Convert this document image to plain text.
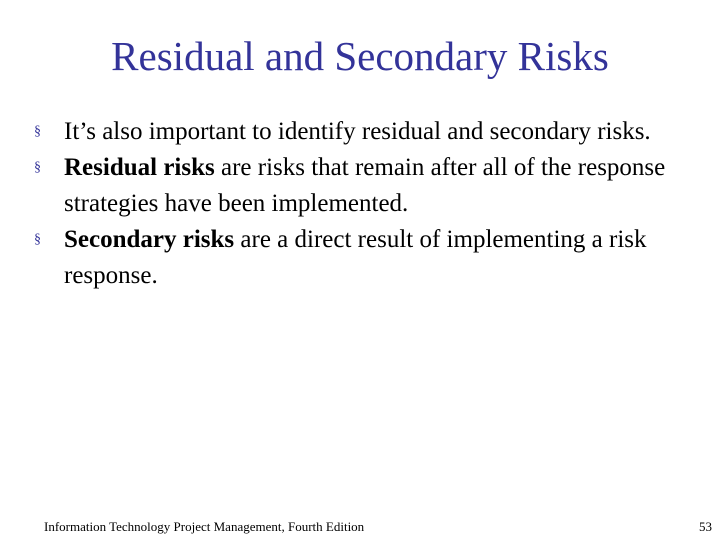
Residual and Secondary Risks
§ It’s also important to identify residual and secondary risks.
§ Residual risks are risks that remain after all of the response strategies have been implemented.
§ Secondary risks are a direct result of implementing a risk response.
Information Technology Project Management, Fourth Edition	53
